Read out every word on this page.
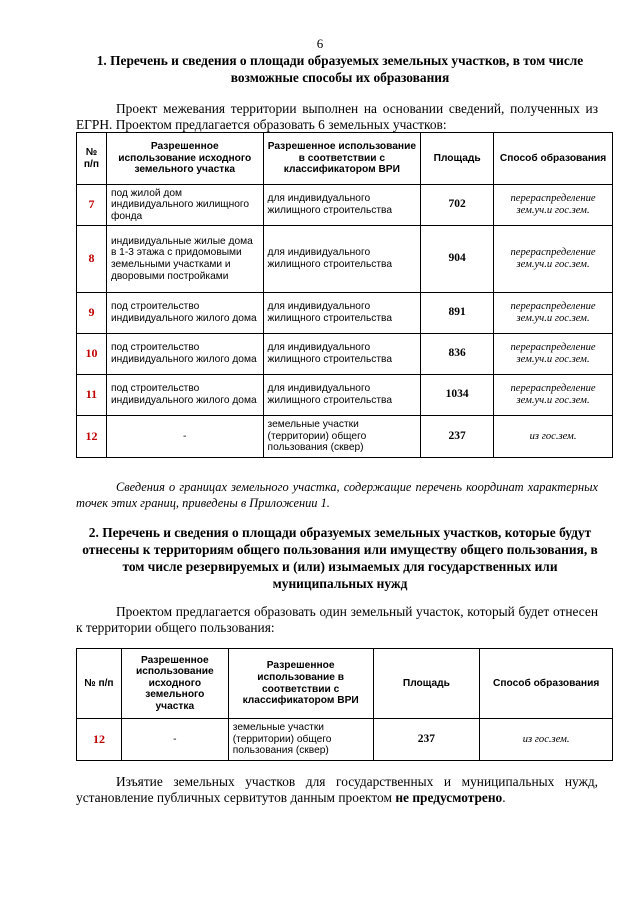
6
1. Перечень и сведения о площади образуемых земельных участков, в том числе возможные способы их образования
Проект межевания территории выполнен на основании сведений, полученных из ЕГРН. Проектом предлагается образовать 6 земельных участков:
№ п/п	Разрешенное использование исходного земельного участка	Разрешенное использование в соответствии с классификатором ВРИ	Площадь	Способ образования
7	под жилой дом индивидуального жилищного фонда	для индивидуального жилищного строительства	702	перераспределение зем.уч.и гос.зем.
8	индивидуальные жилые дома в 1-3 этажа с придомовыми земельными участками и дворовыми постройками	для индивидуального жилищного строительства	904	перераспределение зем.уч.и гос.зем.
9	под строительство индивидуального жилого дома	для индивидуального жилищного строительства	891	перераспределение зем.уч.и гос.зем.
10	под строительство индивидуального жилого дома	для индивидуального жилищного строительства	836	перераспределение зем.уч.и гос.зем.
11	под строительство индивидуального жилого дома	для индивидуального жилищного строительства	1034	перераспределение зем.уч.и гос.зем.
12	-	земельные участки (территории) общего пользования (сквер)	237	из гос.зем.
Сведения о границах земельного участка, содержащие перечень координат характерных точек этих границ, приведены в Приложении 1.
2. Перечень и сведения о площади образуемых земельных участков, которые будут отнесены к территориям общего пользования или имуществу общего пользования, в том числе резервируемых и (или) изымаемых для государственных или муниципальных нужд
Проектом предлагается образовать один земельный участок, который будет отнесен к территории общего пользования:
№ п/п	Разрешенное использование исходного земельного участка	Разрешенное использование в соответствии с классификатором ВРИ	Площадь	Способ образования
12	-	земельные участки (территории) общего пользования (сквер)	237	из гос.зем.
Изъятие земельных участков для государственных и муниципальных нужд, установление публичных сервитутов данным проектом не предусмотрено.
